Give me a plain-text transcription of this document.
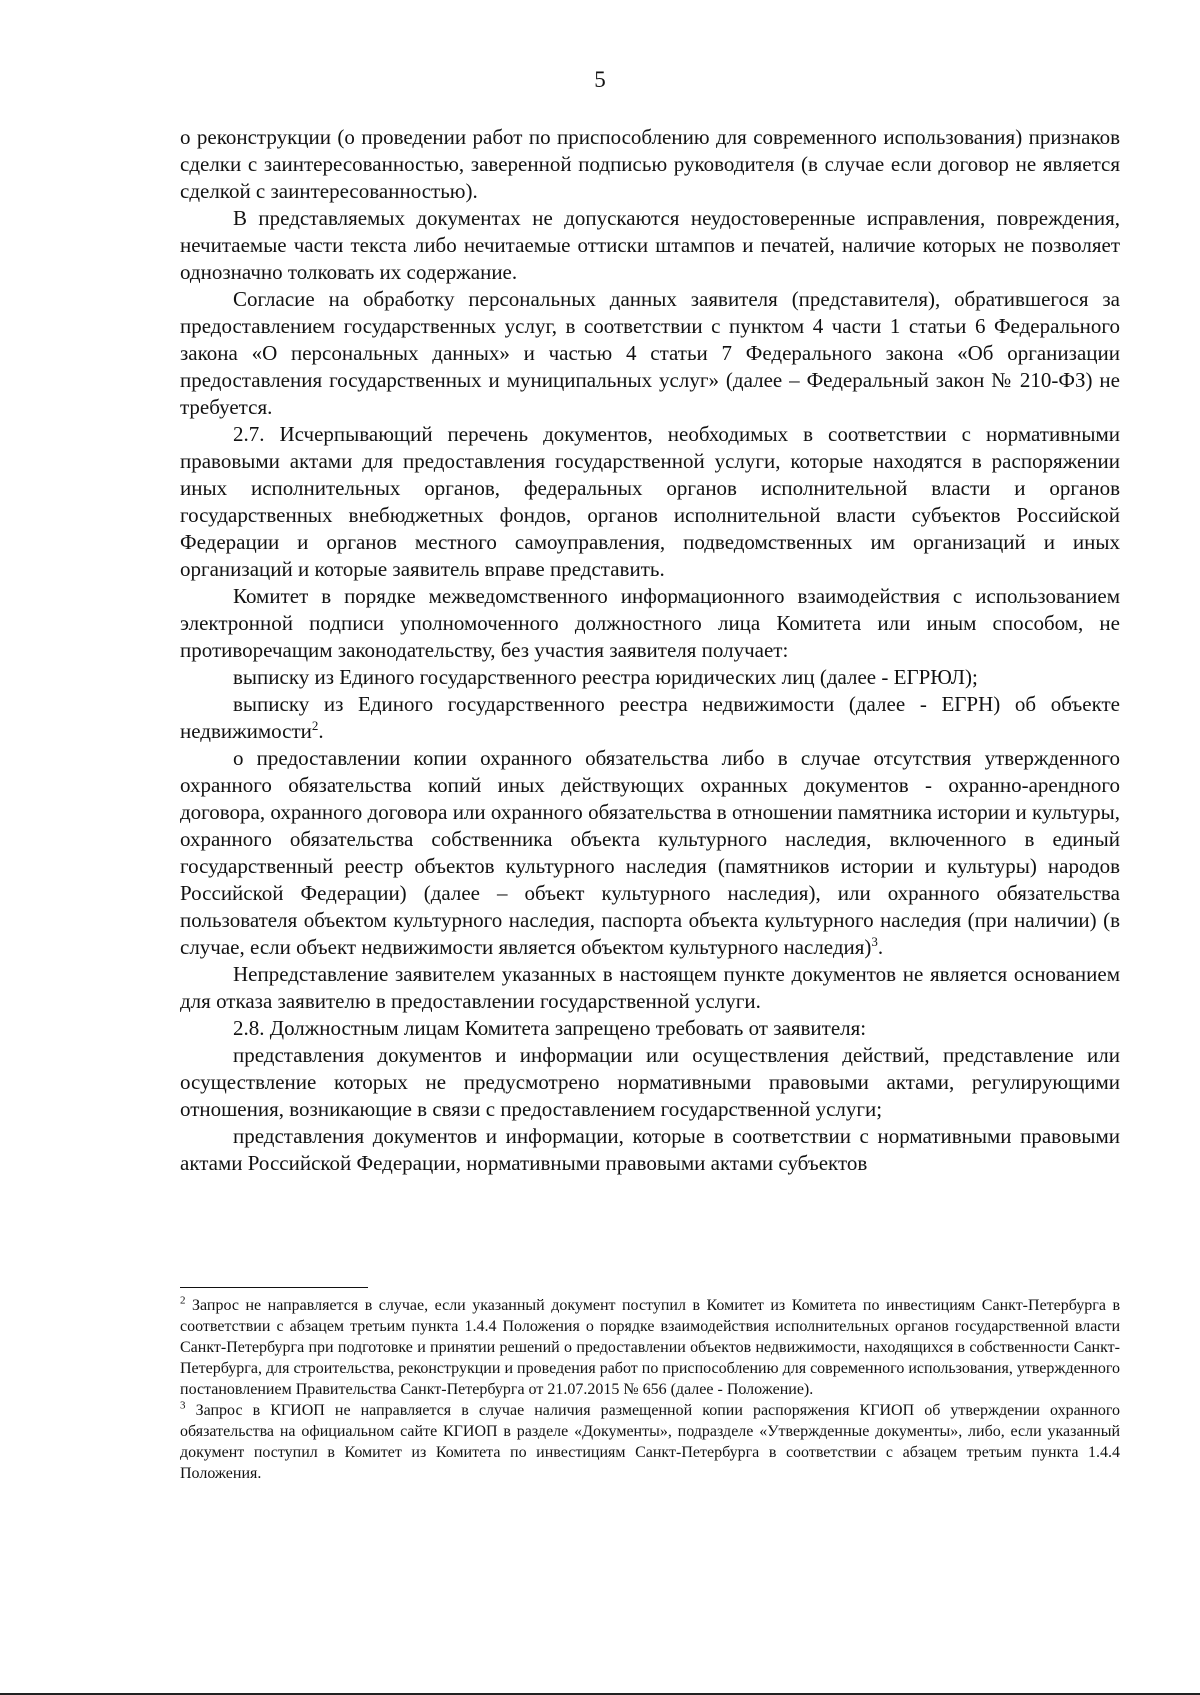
5

о реконструкции (о проведении работ по приспособлению для современного использования) признаков сделки с заинтересованностью, заверенной подписью руководителя (в случае если договор не является сделкой с заинтересованностью).

В представляемых документах не допускаются неудостоверенные исправления, повреждения, нечитаемые части текста либо нечитаемые оттиски штампов и печатей, наличие которых не позволяет однозначно толковать их содержание.

Согласие на обработку персональных данных заявителя (представителя), обратившегося за предоставлением государственных услуг, в соответствии с пунктом 4 части 1 статьи 6 Федерального закона «О персональных данных» и частью 4 статьи 7 Федерального закона «Об организации предоставления государственных и муниципальных услуг» (далее – Федеральный закон № 210-ФЗ) не требуется.

2.7. Исчерпывающий перечень документов, необходимых в соответствии с нормативными правовыми актами для предоставления государственной услуги, которые находятся в распоряжении иных исполнительных органов, федеральных органов исполнительной власти и органов государственных внебюджетных фондов, органов исполнительной власти субъектов Российской Федерации и органов местного самоуправления, подведомственных им организаций и иных организаций и которые заявитель вправе представить.

Комитет в порядке межведомственного информационного взаимодействия с использованием электронной подписи уполномоченного должностного лица Комитета или иным способом, не противоречащим законодательству, без участия заявителя получает:

выписку из Единого государственного реестра юридических лиц (далее - ЕГРЮЛ);

выписку из Единого государственного реестра недвижимости (далее - ЕГРН) об объекте недвижимости$^2$.

о предоставлении копии охранного обязательства либо в случае отсутствия утвержденного охранного обязательства копий иных действующих охранных документов - охранно-арендного договора, охранного договора или охранного обязательства в отношении памятника истории и культуры, охранного обязательства собственника объекта культурного наследия, включенного в единый государственный реестр объектов культурного наследия (памятников истории и культуры) народов Российской Федерации) (далее – объект культурного наследия), или охранного обязательства пользователя объектом культурного наследия, паспорта объекта культурного наследия (при наличии) (в случае, если объект недвижимости является объектом культурного наследия)$^3$.

Непредставление заявителем указанных в настоящем пункте документов не является основанием для отказа заявителю в предоставлении государственной услуги.

2.8. Должностным лицам Комитета запрещено требовать от заявителя:

представления документов и информации или осуществления действий, представление или осуществление которых не предусмотрено нормативными правовыми актами, регулирующими отношения, возникающие в связи с предоставлением государственной услуги;

представления документов и информации, которые в соответствии с нормативными правовыми актами Российской Федерации, нормативными правовыми актами субъектов

$^2$ Запрос не направляется в случае, если указанный документ поступил в Комитет из Комитета по инвестициям Санкт-Петербурга в соответствии с абзацем третьим пункта 1.4.4 Положения о порядке взаимодействия исполнительных органов государственной власти Санкт-Петербурга при подготовке и принятии решений о предоставлении объектов недвижимости, находящихся в собственности Санкт-Петербурга, для строительства, реконструкции и проведения работ по приспособлению для современного использования, утвержденного постановлением Правительства Санкт-Петербурга от 21.07.2015 № 656 (далее - Положение).

$^3$ Запрос в КГИОП не направляется в случае наличия размещенной копии распоряжения КГИОП об утверждении охранного обязательства на официальном сайте КГИОП в разделе «Документы», подразделе «Утвержденные документы», либо, если указанный документ поступил в Комитет из Комитета по инвестициям Санкт-Петербурга в соответствии с абзацем третьим пункта 1.4.4 Положения.
